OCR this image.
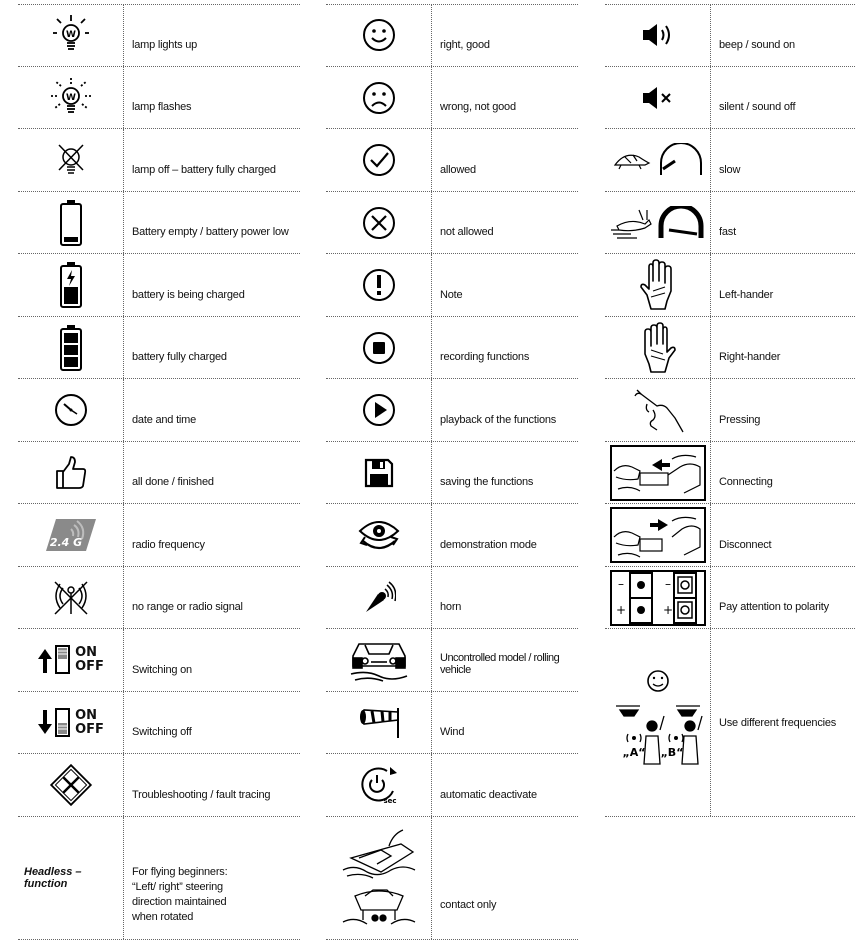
W
lamp lights up
W
lamp flashes
lamp off – battery fully charged
Battery empty / battery power low
battery is being charged
battery fully charged
date and time
all done / finished
2.4 G	radio frequency
no range or radio signal
ON
OFF	Switching on
ON
OFF	Switching off
Troubleshooting / fault tracing
Headless – function
For flying beginners: “Left/ right” steering direction maintained when rotated
right, good
wrong, not good
allowed
not allowed
Note
recording functions
playback of the functions
saving the functions
demonstration mode
horn
Uncontrolled model / rolling vehicle
Wind
sec	automatic deactivate
contact only
beep / sound on
silent / sound off
slow
fast
Left-hander
Right-hander
Pressing
Connecting
Disconnect
–
+
–
+	Pay attention to polarity
„A“ „B“
Use different frequencies
